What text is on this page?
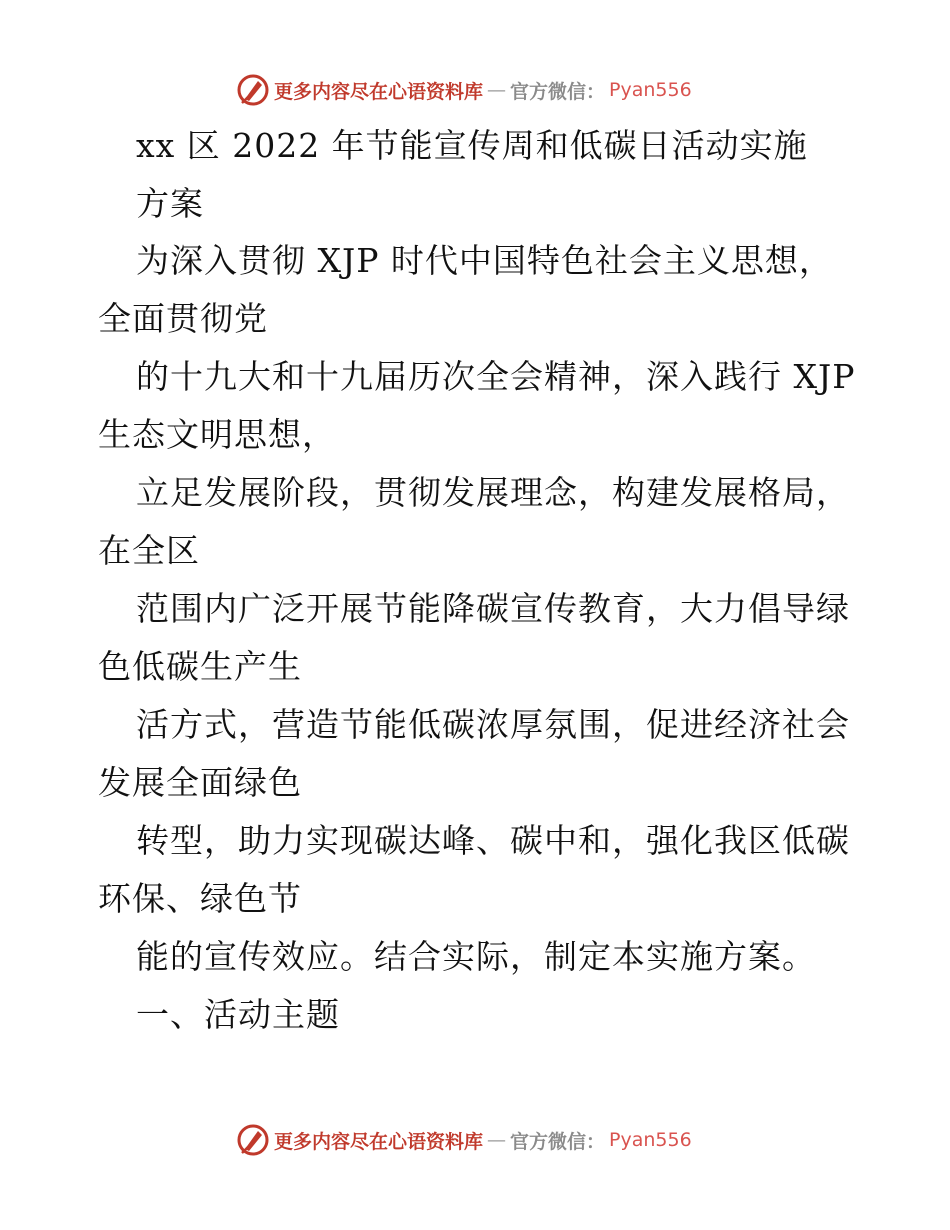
更多内容尽在心语资料库 — 官方微信： Pyan556
xx 区 2022 年节能宣传周和低碳日活动实施
方案
为深入贯彻 XJP 时代中国特色社会主义思想，
全面贯彻党
的十九大和十九届历次全会精神，深入践行 XJP
生态文明思想，
立足发展阶段，贯彻发展理念，构建发展格局，
在全区
范围内广泛开展节能降碳宣传教育，大力倡导绿
色低碳生产生
活方式，营造节能低碳浓厚氛围，促进经济社会
发展全面绿色
转型，助力实现碳达峰、碳中和，强化我区低碳
环保、绿色节
能的宣传效应。结合实际，制定本实施方案。
一、活动主题
更多内容尽在心语资料库 — 官方微信： Pyan556
